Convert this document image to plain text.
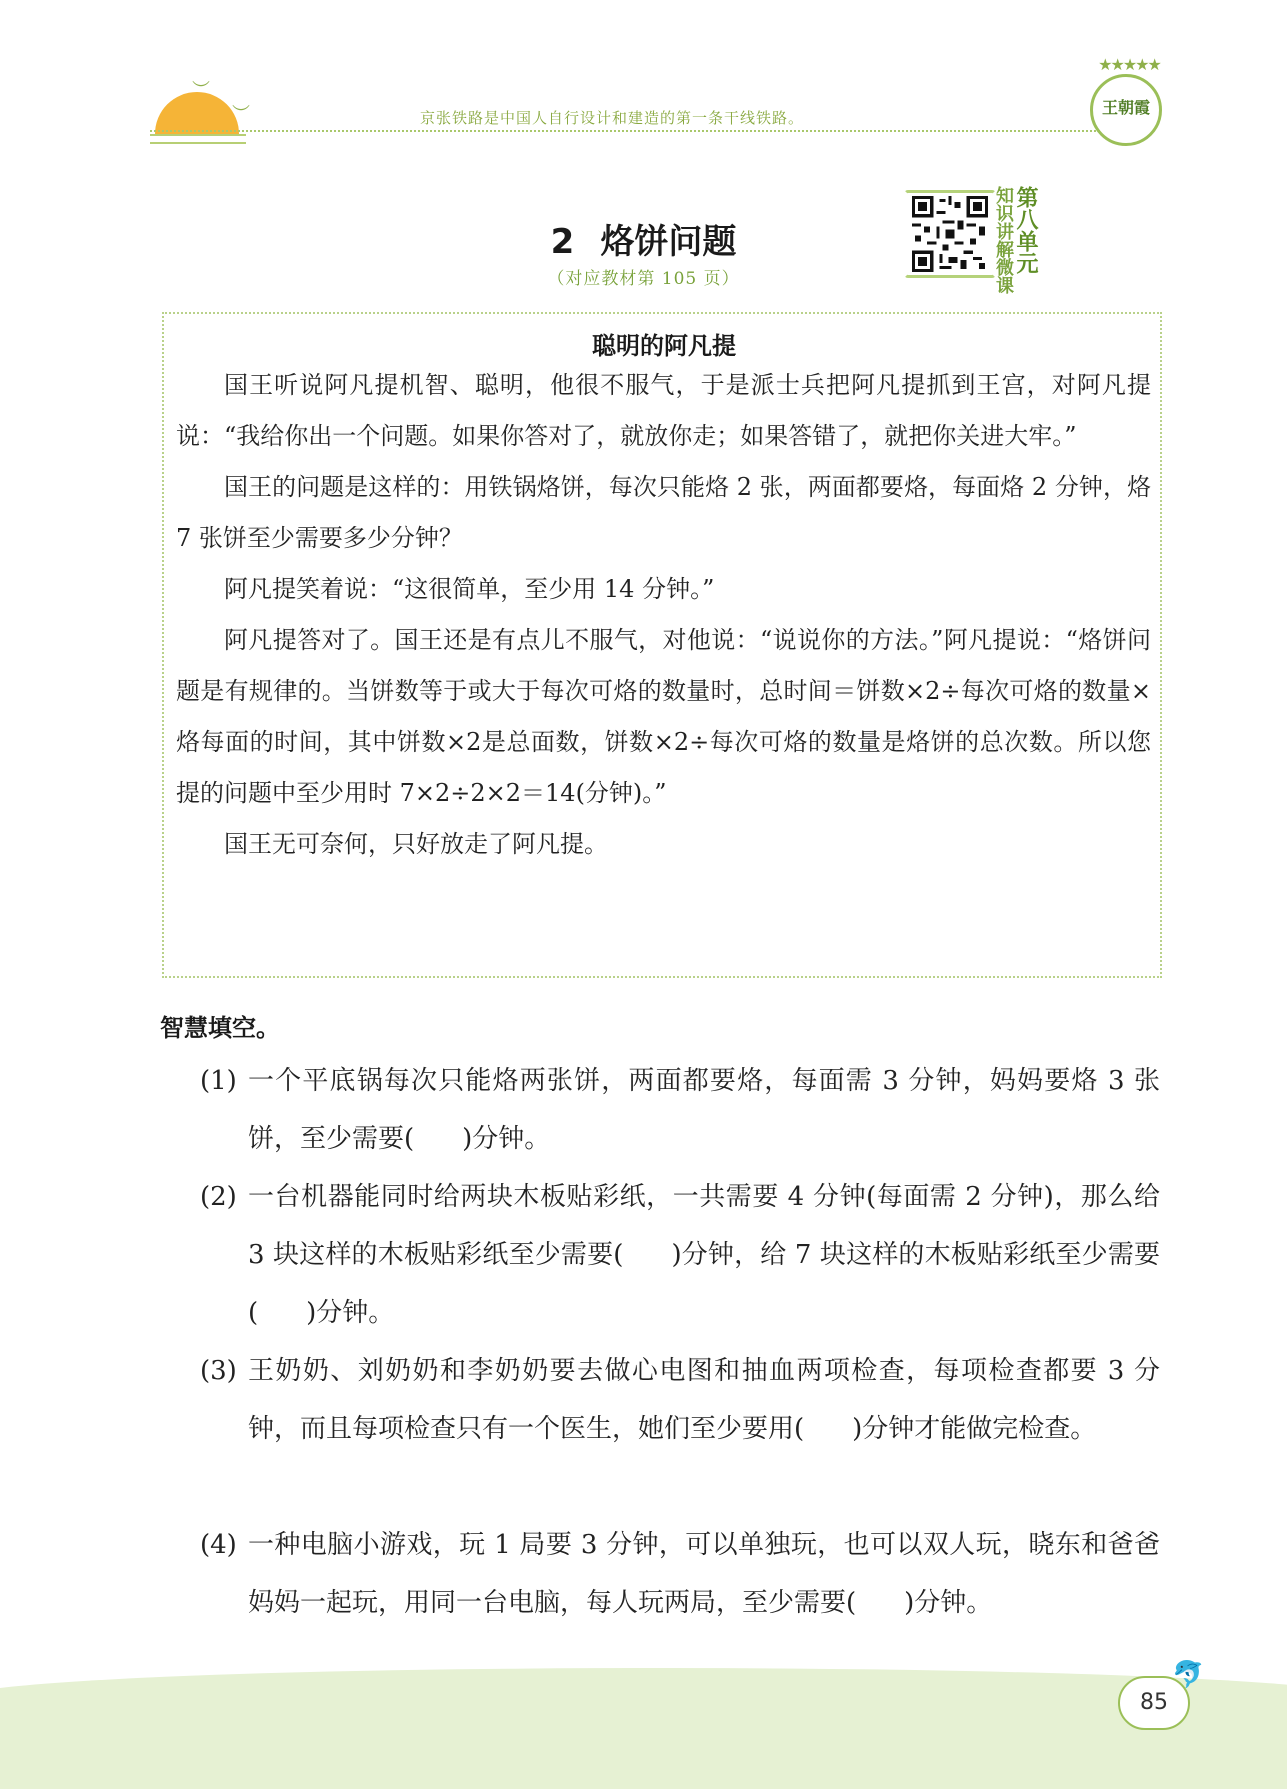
︶
︶	京张铁路是中国人自行设计和建造的第一条干线铁路。
★★★★★
王朝霞
2 烙饼问题
（对应教材第 105 页）	知识讲解微课 第八单元
聪明的阿凡提

国王听说阿凡提机智、聪明，他很不服气，于是派士兵把阿凡提抓到王宫，对阿凡提说：“我给你出一个问题。如果你答对了，就放你走；如果答错了，就把你关进大牢。”

国王的问题是这样的：用铁锅烙饼，每次只能烙 2 张，两面都要烙，每面烙 2 分钟，烙 7 张饼至少需要多少分钟？

阿凡提笑着说：“这很简单，至少用 14 分钟。”

阿凡提答对了。国王还是有点儿不服气，对他说：“说说你的方法。”阿凡提说：“烙饼问题是有规律的。当饼数等于或大于每次可烙的数量时，总时间＝饼数×2÷每次可烙的数量×烙每面的时间，其中饼数×2是总面数，饼数×2÷每次可烙的数量是烙饼的总次数。所以您提的问题中至少用时 7×2÷2×2＝14(分钟)。”

国王无可奈何，只好放走了阿凡提。

智慧填空。
(1) 一个平底锅每次只能烙两张饼，两面都要烙，每面需 3 分钟，妈妈要烙 3 张饼，至少需要( )分钟。
(2) 一台机器能同时给两块木板贴彩纸，一共需要 4 分钟(每面需 2 分钟)，那么给 3 块这样的木板贴彩纸至少需要( )分钟，给 7 块这样的木板贴彩纸至少需要( )分钟。
(3) 王奶奶、刘奶奶和李奶奶要去做心电图和抽血两项检查，每项检查都要 3 分钟，而且每项检查只有一个医生，她们至少要用( )分钟才能做完检查。
(4) 一种电脑小游戏，玩 1 局要 3 分钟，可以单独玩，也可以双人玩，晓东和爸爸妈妈一起玩，用同一台电脑，每人玩两局，至少需要( )分钟。
85
🐬
